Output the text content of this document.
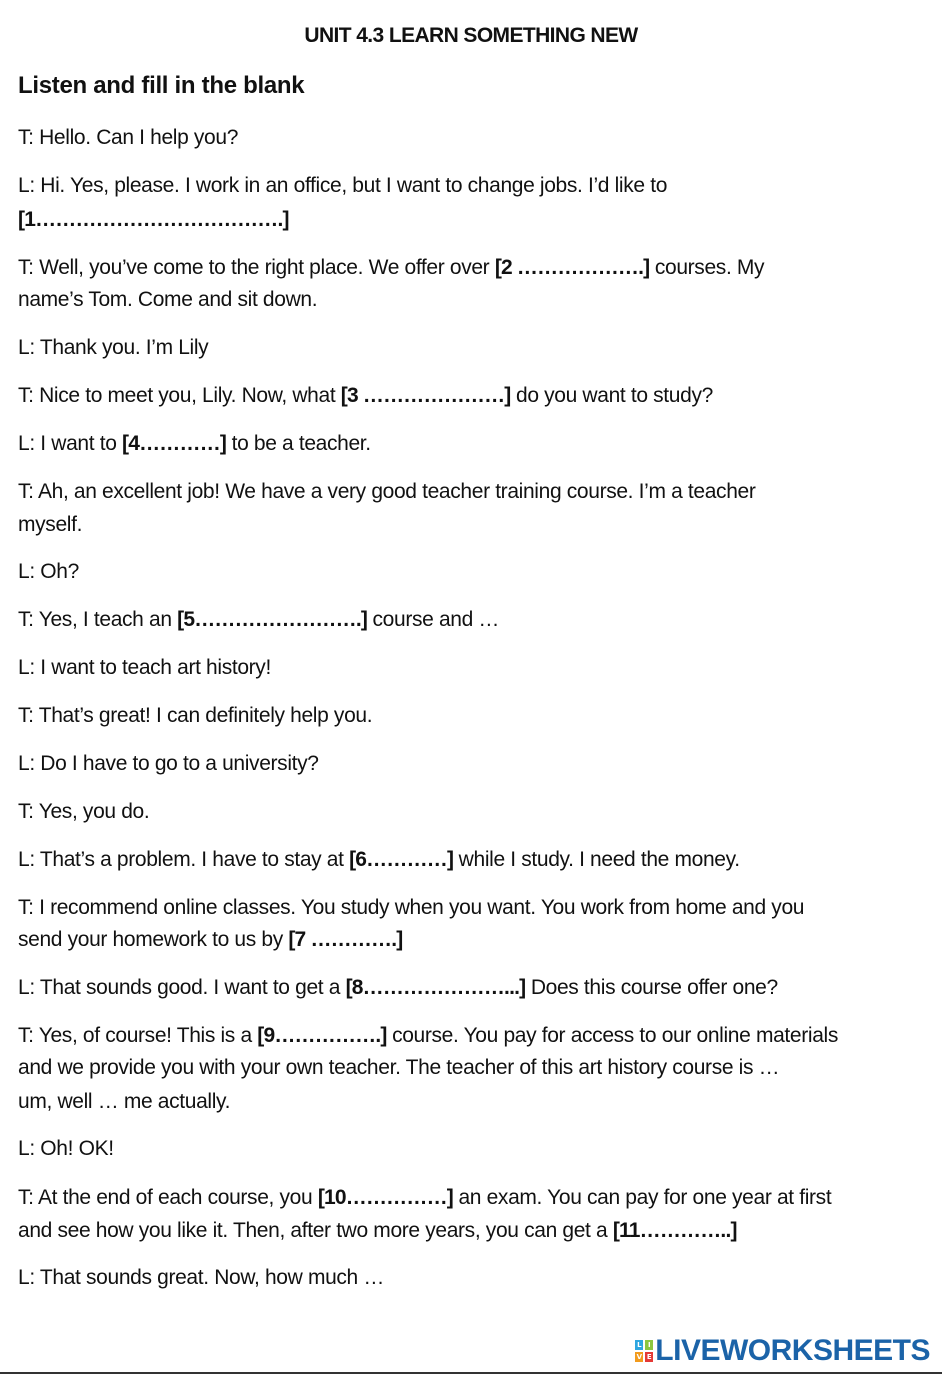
UNIT 4.3 LEARN SOMETHING NEW
Listen and fill in the blank
T: Hello. Can I help you?
L: Hi. Yes, please. I work in an office, but I want to change jobs. I’d like to
[1……………………………….]
T: Well, you’ve come to the right place. We offer over [2 ……………….] courses. My
name’s Tom. Come and sit down.
L: Thank you. I’m Lily
T: Nice to meet you, Lily. Now, what [3 …………………] do you want to study?
L: I want to [4…………] to be a teacher.
T: Ah, an excellent job! We have a very good teacher training course. I’m a teacher
myself.
L: Oh?
T: Yes, I teach an [5…………………….] course and …
L: I want to teach art history!
T: That’s great! I can definitely help you.
L: Do I have to go to a university?
T: Yes, you do.
L: That’s a problem. I have to stay at [6…………] while I study. I need the money.
T: I recommend online classes. You study when you want. You work from home and you
send your homework to us by [7 ………….]
L: That sounds good. I want to get a [8…………………...] Does this course offer one?
T: Yes, of course! This is a [9…………….] course. You pay for access to our online materials
and we provide you with your own teacher. The teacher of this art history course is …
um, well … me actually.
L: Oh! OK!
T: At the end of each course, you [10……………] an exam. You can pay for one year at first
and see how you like it. Then, after two more years, you can get a [11…………..]
L: That sounds great. Now, how much …
L I
V E LIVEWORKSHEETS
